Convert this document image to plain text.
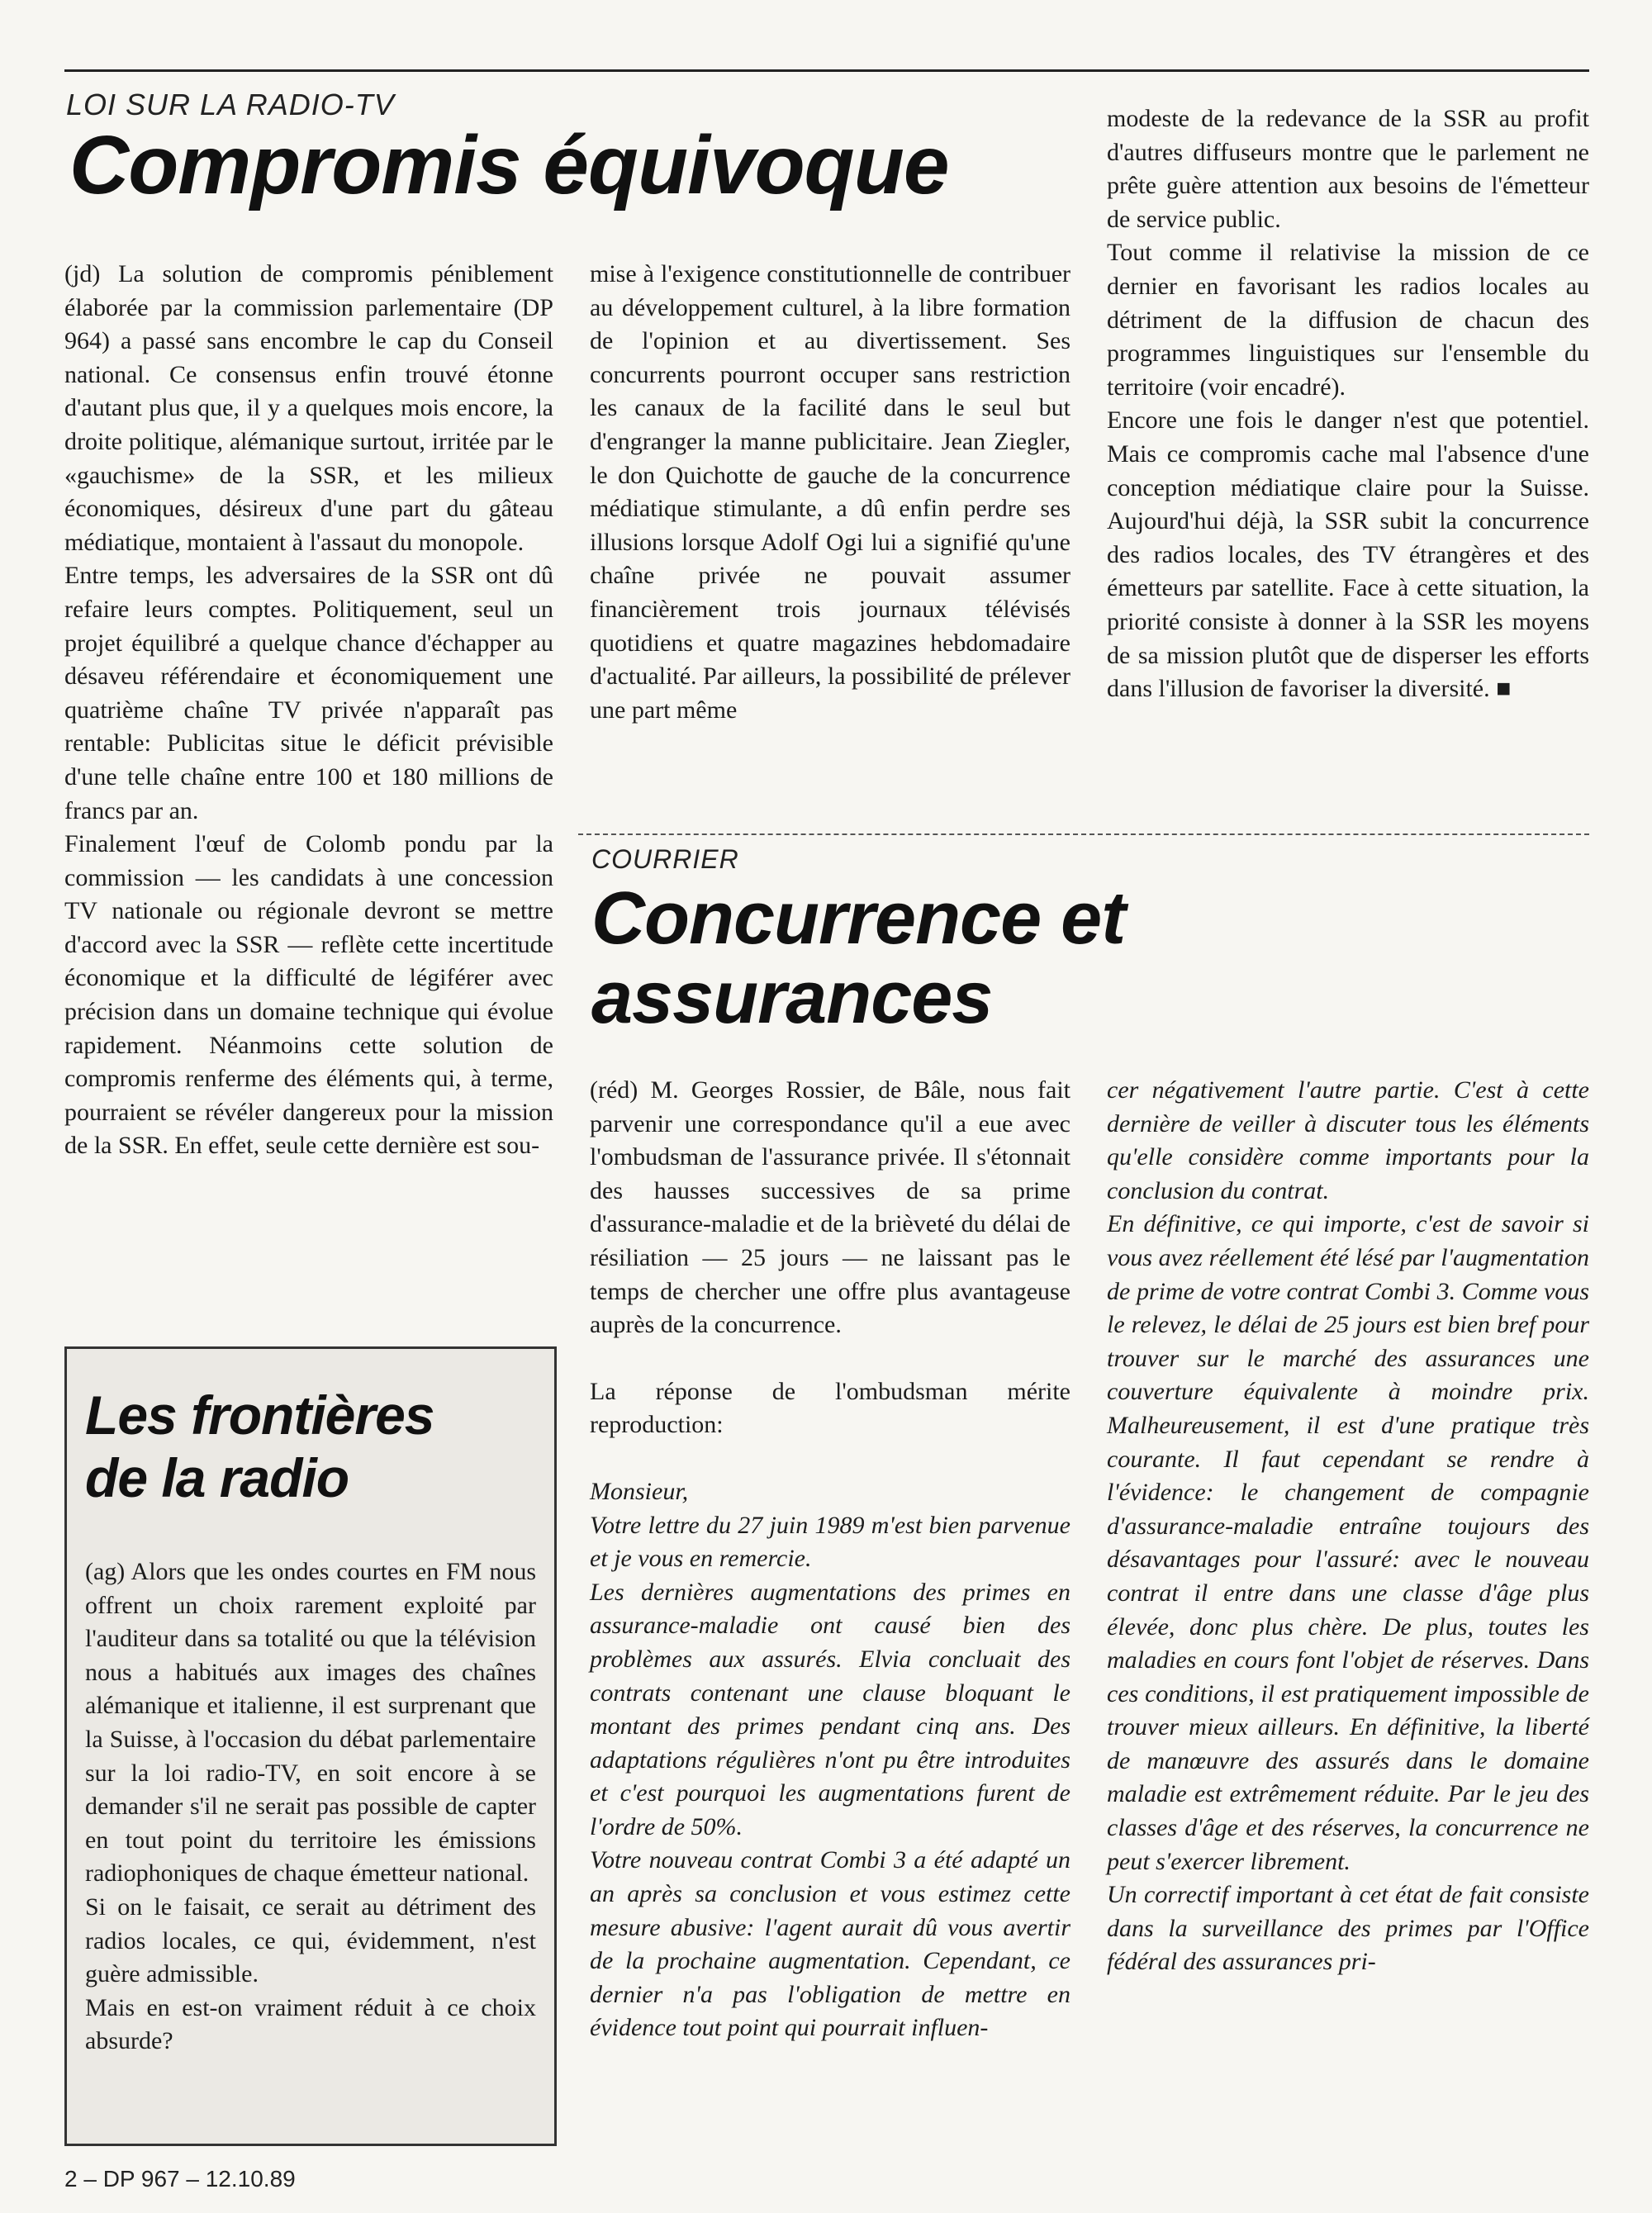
LOI SUR LA RADIO-TV
Compromis équivoque

(jd) La solution de compromis péniblement élaborée par la commission parlementaire (DP 964) a passé sans encombre le cap du Conseil national. Ce consensus enfin trouvé étonne d'autant plus que, il y a quelques mois encore, la droite politique, alémanique surtout, irritée par le «gauchisme» de la SSR, et les milieux économiques, désireux d'une part du gâteau médiatique, montaient à l'assaut du monopole.

Entre temps, les adversaires de la SSR ont dû refaire leurs comptes. Politiquement, seul un projet équilibré a quelque chance d'échapper au désaveu référendaire et économiquement une quatrième chaîne TV privée n'apparaît pas rentable: Publicitas situe le déficit prévisible d'une telle chaîne entre 100 et 180 millions de francs par an.

Finalement l'œuf de Colomb pondu par la commission — les candidats à une concession TV nationale ou régionale devront se mettre d'accord avec la SSR — reflète cette incertitude économique et la difficulté de légiférer avec précision dans un domaine technique qui évolue rapidement. Néanmoins cette solution de compromis renferme des éléments qui, à terme, pourraient se révéler dangereux pour la mission de la SSR. En effet, seule cette dernière est sou-

mise à l'exigence constitutionnelle de contribuer au développement culturel, à la libre formation de l'opinion et au divertissement. Ses concurrents pourront occuper sans restriction les canaux de la facilité dans le seul but d'engranger la manne publicitaire. Jean Ziegler, le don Quichotte de gauche de la concurrence médiatique stimulante, a dû enfin perdre ses illusions lorsque Adolf Ogi lui a signifié qu'une chaîne privée ne pouvait assumer financièrement trois journaux télévisés quotidiens et quatre magazines hebdomadaire d'actualité. Par ailleurs, la possibilité de prélever une part même

modeste de la redevance de la SSR au profit d'autres diffuseurs montre que le parlement ne prête guère attention aux besoins de l'émetteur de service public.

Tout comme il relativise la mission de ce dernier en favorisant les radios locales au détriment de la diffusion de chacun des programmes linguistiques sur l'ensemble du territoire (voir encadré).

Encore une fois le danger n'est que potentiel. Mais ce compromis cache mal l'absence d'une conception médiatique claire pour la Suisse. Aujourd'hui déjà, la SSR subit la concurrence des radios locales, des TV étrangères et des émetteurs par satellite. Face à cette situation, la priorité consiste à donner à la SSR les moyens de sa mission plutôt que de disperser les efforts dans l'illusion de favoriser la diversité. ■

Les frontières
de la radio

(ag) Alors que les ondes courtes en FM nous offrent un choix rarement exploité par l'auditeur dans sa totalité ou que la télévision nous a habitués aux images des chaînes alémanique et italienne, il est surprenant que la Suisse, à l'occasion du débat parlementaire sur la loi radio-TV, en soit encore à se demander s'il ne serait pas possible de capter en tout point du territoire les émissions radiophoniques de chaque émetteur national.

Si on le faisait, ce serait au détriment des radios locales, ce qui, évidemment, n'est guère admissible.

Mais en est-on vraiment réduit à ce choix absurde?

COURRIER
Concurrence et
assurances

(réd) M. Georges Rossier, de Bâle, nous fait parvenir une correspondance qu'il a eue avec l'ombudsman de l'assurance privée. Il s'étonnait des hausses successives de sa prime d'assurance-maladie et de la brièveté du délai de résiliation — 25 jours — ne laissant pas le temps de chercher une offre plus avantageuse auprès de la concurrence.

La réponse de l'ombudsman mérite reproduction:

Monsieur,

Votre lettre du 27 juin 1989 m'est bien parvenue et je vous en remercie.

Les dernières augmentations des primes en assurance-maladie ont causé bien des problèmes aux assurés. Elvia concluait des contrats contenant une clause bloquant le montant des primes pendant cinq ans. Des adaptations régulières n'ont pu être introduites et c'est pourquoi les augmentations furent de l'ordre de 50%.

Votre nouveau contrat Combi 3 a été adapté un an après sa conclusion et vous estimez cette mesure abusive: l'agent aurait dû vous avertir de la prochaine augmentation. Cependant, ce dernier n'a pas l'obligation de mettre en évidence tout point qui pourrait influen-

cer négativement l'autre partie. C'est à cette dernière de veiller à discuter tous les éléments qu'elle considère comme importants pour la conclusion du contrat.

En définitive, ce qui importe, c'est de savoir si vous avez réellement été lésé par l'augmentation de prime de votre contrat Combi 3. Comme vous le relevez, le délai de 25 jours est bien bref pour trouver sur le marché des assurances une couverture équivalente à moindre prix. Malheureusement, il est d'une pratique très courante. Il faut cependant se rendre à l'évidence: le changement de compagnie d'assurance-maladie entraîne toujours des désavantages pour l'assuré: avec le nouveau contrat il entre dans une classe d'âge plus élevée, donc plus chère. De plus, toutes les maladies en cours font l'objet de réserves. Dans ces conditions, il est pratiquement impossible de trouver mieux ailleurs. En définitive, la liberté de manœuvre des assurés dans le domaine maladie est extrêmement réduite. Par le jeu des classes d'âge et des réserves, la concurrence ne peut s'exercer librement.

Un correctif important à cet état de fait consiste dans la surveillance des primes par l'Office fédéral des assurances pri-

2 – DP 967 – 12.10.89
